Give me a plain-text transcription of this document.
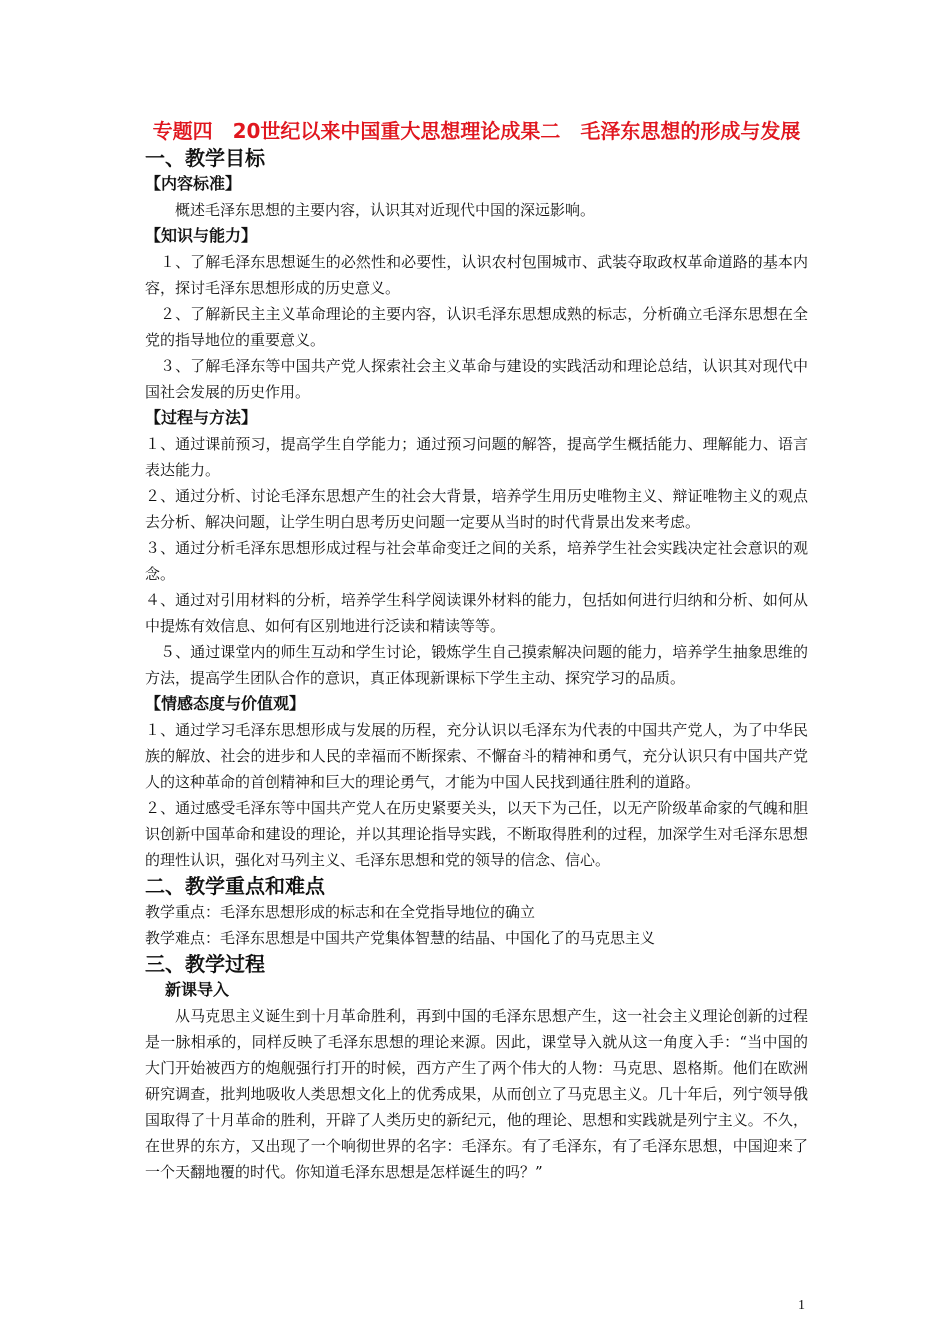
专题四　20世纪以来中国重大思想理论成果二　毛泽东思想的形成与发展
一、教学目标
【内容标准】

概述毛泽东思想的主要内容，认识其对近现代中国的深远影响。

【知识与能力】

１、了解毛泽东思想诞生的必然性和必要性，认识农村包围城市、武装夺取政权革命道路的基本内容，探讨毛泽东思想形成的历史意义。

２、了解新民主主义革命理论的主要内容，认识毛泽东思想成熟的标志，分析确立毛泽东思想在全党的指导地位的重要意义。

３、了解毛泽东等中国共产党人探索社会主义革命与建设的实践活动和理论总结，认识其对现代中国社会发展的历史作用。

【过程与方法】

１、通过课前预习，提高学生自学能力；通过预习问题的解答，提高学生概括能力、理解能力、语言表达能力。

２、通过分析、讨论毛泽东思想产生的社会大背景，培养学生用历史唯物主义、辩证唯物主义的观点去分析、解决问题，让学生明白思考历史问题一定要从当时的时代背景出发来考虑。

３、通过分析毛泽东思想形成过程与社会革命变迁之间的关系，培养学生社会实践决定社会意识的观念。

４、通过对引用材料的分析，培养学生科学阅读课外材料的能力，包括如何进行归纳和分析、如何从中提炼有效信息、如何有区别地进行泛读和精读等等。

５、通过课堂内的师生互动和学生讨论，锻炼学生自己摸索解决问题的能力，培养学生抽象思维的方法，提高学生团队合作的意识，真正体现新课标下学生主动、探究学习的品质。

【情感态度与价值观】

１、通过学习毛泽东思想形成与发展的历程，充分认识以毛泽东为代表的中国共产党人，为了中华民族的解放、社会的进步和人民的幸福而不断探索、不懈奋斗的精神和勇气，充分认识只有中国共产党人的这种革命的首创精神和巨大的理论勇气，才能为中国人民找到通往胜利的道路。

２、通过感受毛泽东等中国共产党人在历史紧要关头，以天下为己任，以无产阶级革命家的气魄和胆识创新中国革命和建设的理论，并以其理论指导实践，不断取得胜利的过程，加深学生对毛泽东思想的理性认识，强化对马列主义、毛泽东思想和党的领导的信念、信心。

二、教学重点和难点

教学重点：毛泽东思想形成的标志和在全党指导地位的确立

教学难点：毛泽东思想是中国共产党集体智慧的结晶、中国化了的马克思主义

三、教学过程
新课导入

从马克思主义诞生到十月革命胜利，再到中国的毛泽东思想产生，这一社会主义理论创新的过程是一脉相承的，同样反映了毛泽东思想的理论来源。因此，课堂导入就从这一角度入手：“当中国的大门开始被西方的炮舰强行打开的时候，西方产生了两个伟大的人物：马克思、恩格斯。他们在欧洲研究调查，批判地吸收人类思想文化上的优秀成果，从而创立了马克思主义。几十年后，列宁领导俄国取得了十月革命的胜利，开辟了人类历史的新纪元，他的理论、思想和实践就是列宁主义。不久，在世界的东方，又出现了一个响彻世界的名字：毛泽东。有了毛泽东，有了毛泽东思想，中国迎来了一个天翻地覆的时代。你知道毛泽东思想是怎样诞生的吗？”

1
